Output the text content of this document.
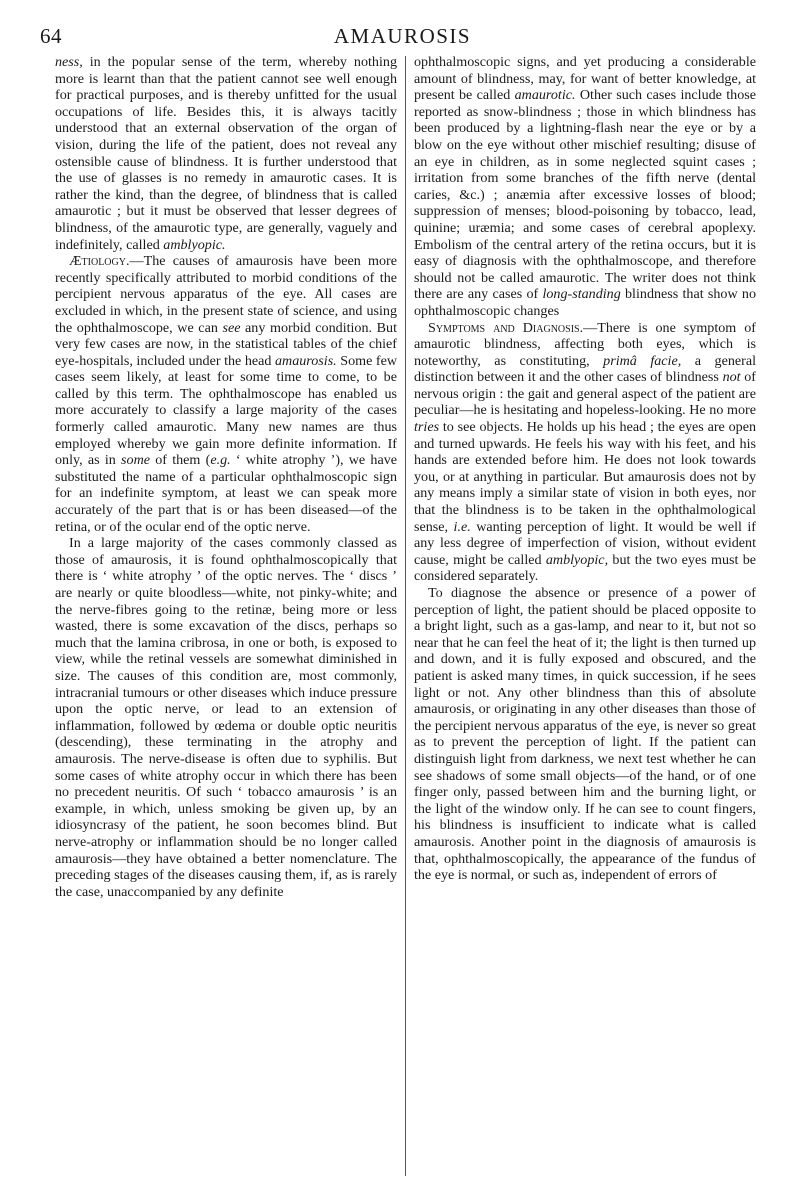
64	AMAUROSIS

ness, in the popular sense of the term, whereby nothing more is learnt than that the patient cannot see well enough for practical purposes, and is thereby unfitted for the usual occupations of life. Besides this, it is always tacitly understood that an external observation of the organ of vision, during the life of the patient, does not reveal any ostensible cause of blindness. It is further understood that the use of glasses is no remedy in amaurotic cases. It is rather the kind, than the degree, of blindness that is called amaurotic ; but it must be observed that lesser degrees of blindness, of the amaurotic type, are generally, vaguely and indefinitely, called amblyopic.

Ætiology.—The causes of amaurosis have been more recently specifically attributed to morbid conditions of the percipient nervous apparatus of the eye. All cases are excluded in which, in the present state of science, and using the ophthalmoscope, we can see any morbid condition. But very few cases are now, in the statistical tables of the chief eye-hospitals, included under the head amaurosis. Some few cases seem likely, at least for some time to come, to be called by this term. The ophthalmoscope has enabled us more accurately to classify a large majority of the cases formerly called amaurotic. Many new names are thus employed whereby we gain more definite information. If only, as in some of them (e.g. ‘ white atrophy ’), we have substituted the name of a particular ophthalmoscopic sign for an indefinite symptom, at least we can speak more accurately of the part that is or has been diseased—of the retina, or of the ocular end of the optic nerve.

In a large majority of the cases commonly classed as those of amaurosis, it is found ophthalmoscopically that there is ‘ white atrophy ’ of the optic nerves. The ‘ discs ’ are nearly or quite bloodless—white, not pinky-white; and the nerve-fibres going to the retinæ, being more or less wasted, there is some excavation of the discs, perhaps so much that the lamina cribrosa, in one or both, is exposed to view, while the retinal vessels are somewhat diminished in size. The causes of this condition are, most commonly, intracranial tumours or other diseases which induce pressure upon the optic nerve, or lead to an extension of inflammation, followed by œdema or double optic neuritis (descending), these terminating in the atrophy and amaurosis. The nerve-disease is often due to syphilis. But some cases of white atrophy occur in which there has been no precedent neuritis. Of such ‘ tobacco amaurosis ’ is an example, in which, unless smoking be given up, by an idiosyncrasy of the patient, he soon becomes blind. But nerve-atrophy or inflammation should be no longer called amaurosis—they have obtained a better nomenclature. The preceding stages of the diseases causing them, if, as is rarely the case, unaccompanied by any definite

ophthalmoscopic signs, and yet producing a considerable amount of blindness, may, for want of better knowledge, at present be called amaurotic. Other such cases include those reported as snow-blindness ; those in which blindness has been produced by a lightning-flash near the eye or by a blow on the eye without other mischief resulting; disuse of an eye in children, as in some neglected squint cases ; irritation from some branches of the fifth nerve (dental caries, &c.) ; anæmia after excessive losses of blood; suppression of menses; blood-poisoning by tobacco, lead, quinine; uræmia; and some cases of cerebral apoplexy. Embolism of the central artery of the retina occurs, but it is easy of diagnosis with the ophthalmoscope, and therefore should not be called amaurotic. The writer does not think there are any cases of long-standing blindness that show no ophthalmoscopic changes

Symptoms and Diagnosis.—There is one symptom of amaurotic blindness, affecting both eyes, which is noteworthy, as constituting, primâ facie, a general distinction between it and the other cases of blindness not of nervous origin : the gait and general aspect of the patient are peculiar—he is hesitating and hopeless-looking. He no more tries to see objects. He holds up his head ; the eyes are open and turned upwards. He feels his way with his feet, and his hands are extended before him. He does not look towards you, or at anything in particular. But amaurosis does not by any means imply a similar state of vision in both eyes, nor that the blindness is to be taken in the ophthalmological sense, i.e. wanting perception of light. It would be well if any less degree of imperfection of vision, without evident cause, might be called amblyopic, but the two eyes must be considered separately.

To diagnose the absence or presence of a power of perception of light, the patient should be placed opposite to a bright light, such as a gas-lamp, and near to it, but not so near that he can feel the heat of it; the light is then turned up and down, and it is fully exposed and obscured, and the patient is asked many times, in quick succession, if he sees light or not. Any other blindness than this of absolute amaurosis, or originating in any other diseases than those of the percipient nervous apparatus of the eye, is never so great as to prevent the perception of light. If the patient can distinguish light from darkness, we next test whether he can see shadows of some small objects—of the hand, or of one finger only, passed between him and the burning light, or the light of the window only. If he can see to count fingers, his blindness is insufficient to indicate what is called amaurosis. Another point in the diagnosis of amaurosis is that, ophthalmoscopically, the appearance of the fundus of the eye is normal, or such as, independent of errors of
